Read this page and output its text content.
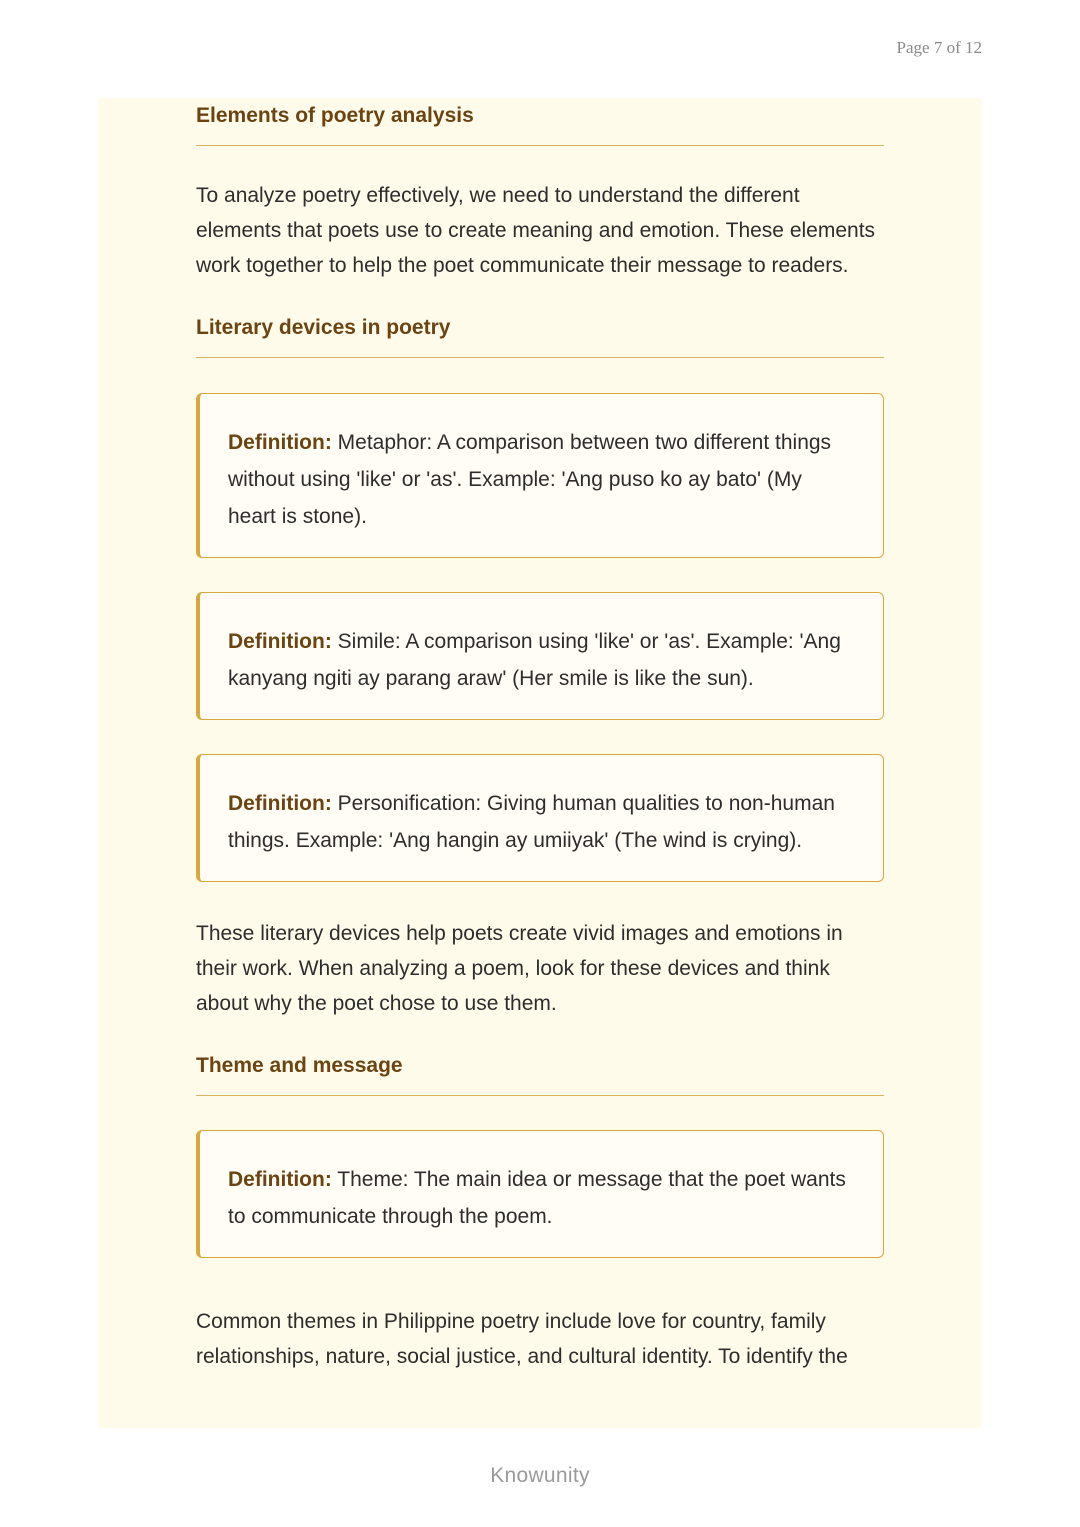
Page 7 of 12
Elements of poetry analysis

To analyze poetry effectively, we need to understand the different elements that poets use to create meaning and emotion. These elements work together to help the poet communicate their message to readers.

Literary devices in poetry
Definition: Metaphor: A comparison between two different things without using 'like' or 'as'. Example: 'Ang puso ko ay bato' (My heart is stone).
Definition: Simile: A comparison using 'like' or 'as'. Example: 'Ang kanyang ngiti ay parang araw' (Her smile is like the sun).
Definition: Personification: Giving human qualities to non-human things. Example: 'Ang hangin ay umiiyak' (The wind is crying).

These literary devices help poets create vivid images and emotions in their work. When analyzing a poem, look for these devices and think about why the poet chose to use them.

Theme and message
Definition: Theme: The main idea or message that the poet wants to communicate through the poem.

Common themes in Philippine poetry include love for country, family relationships, nature, social justice, and cultural identity. To identify the

Knowunity
